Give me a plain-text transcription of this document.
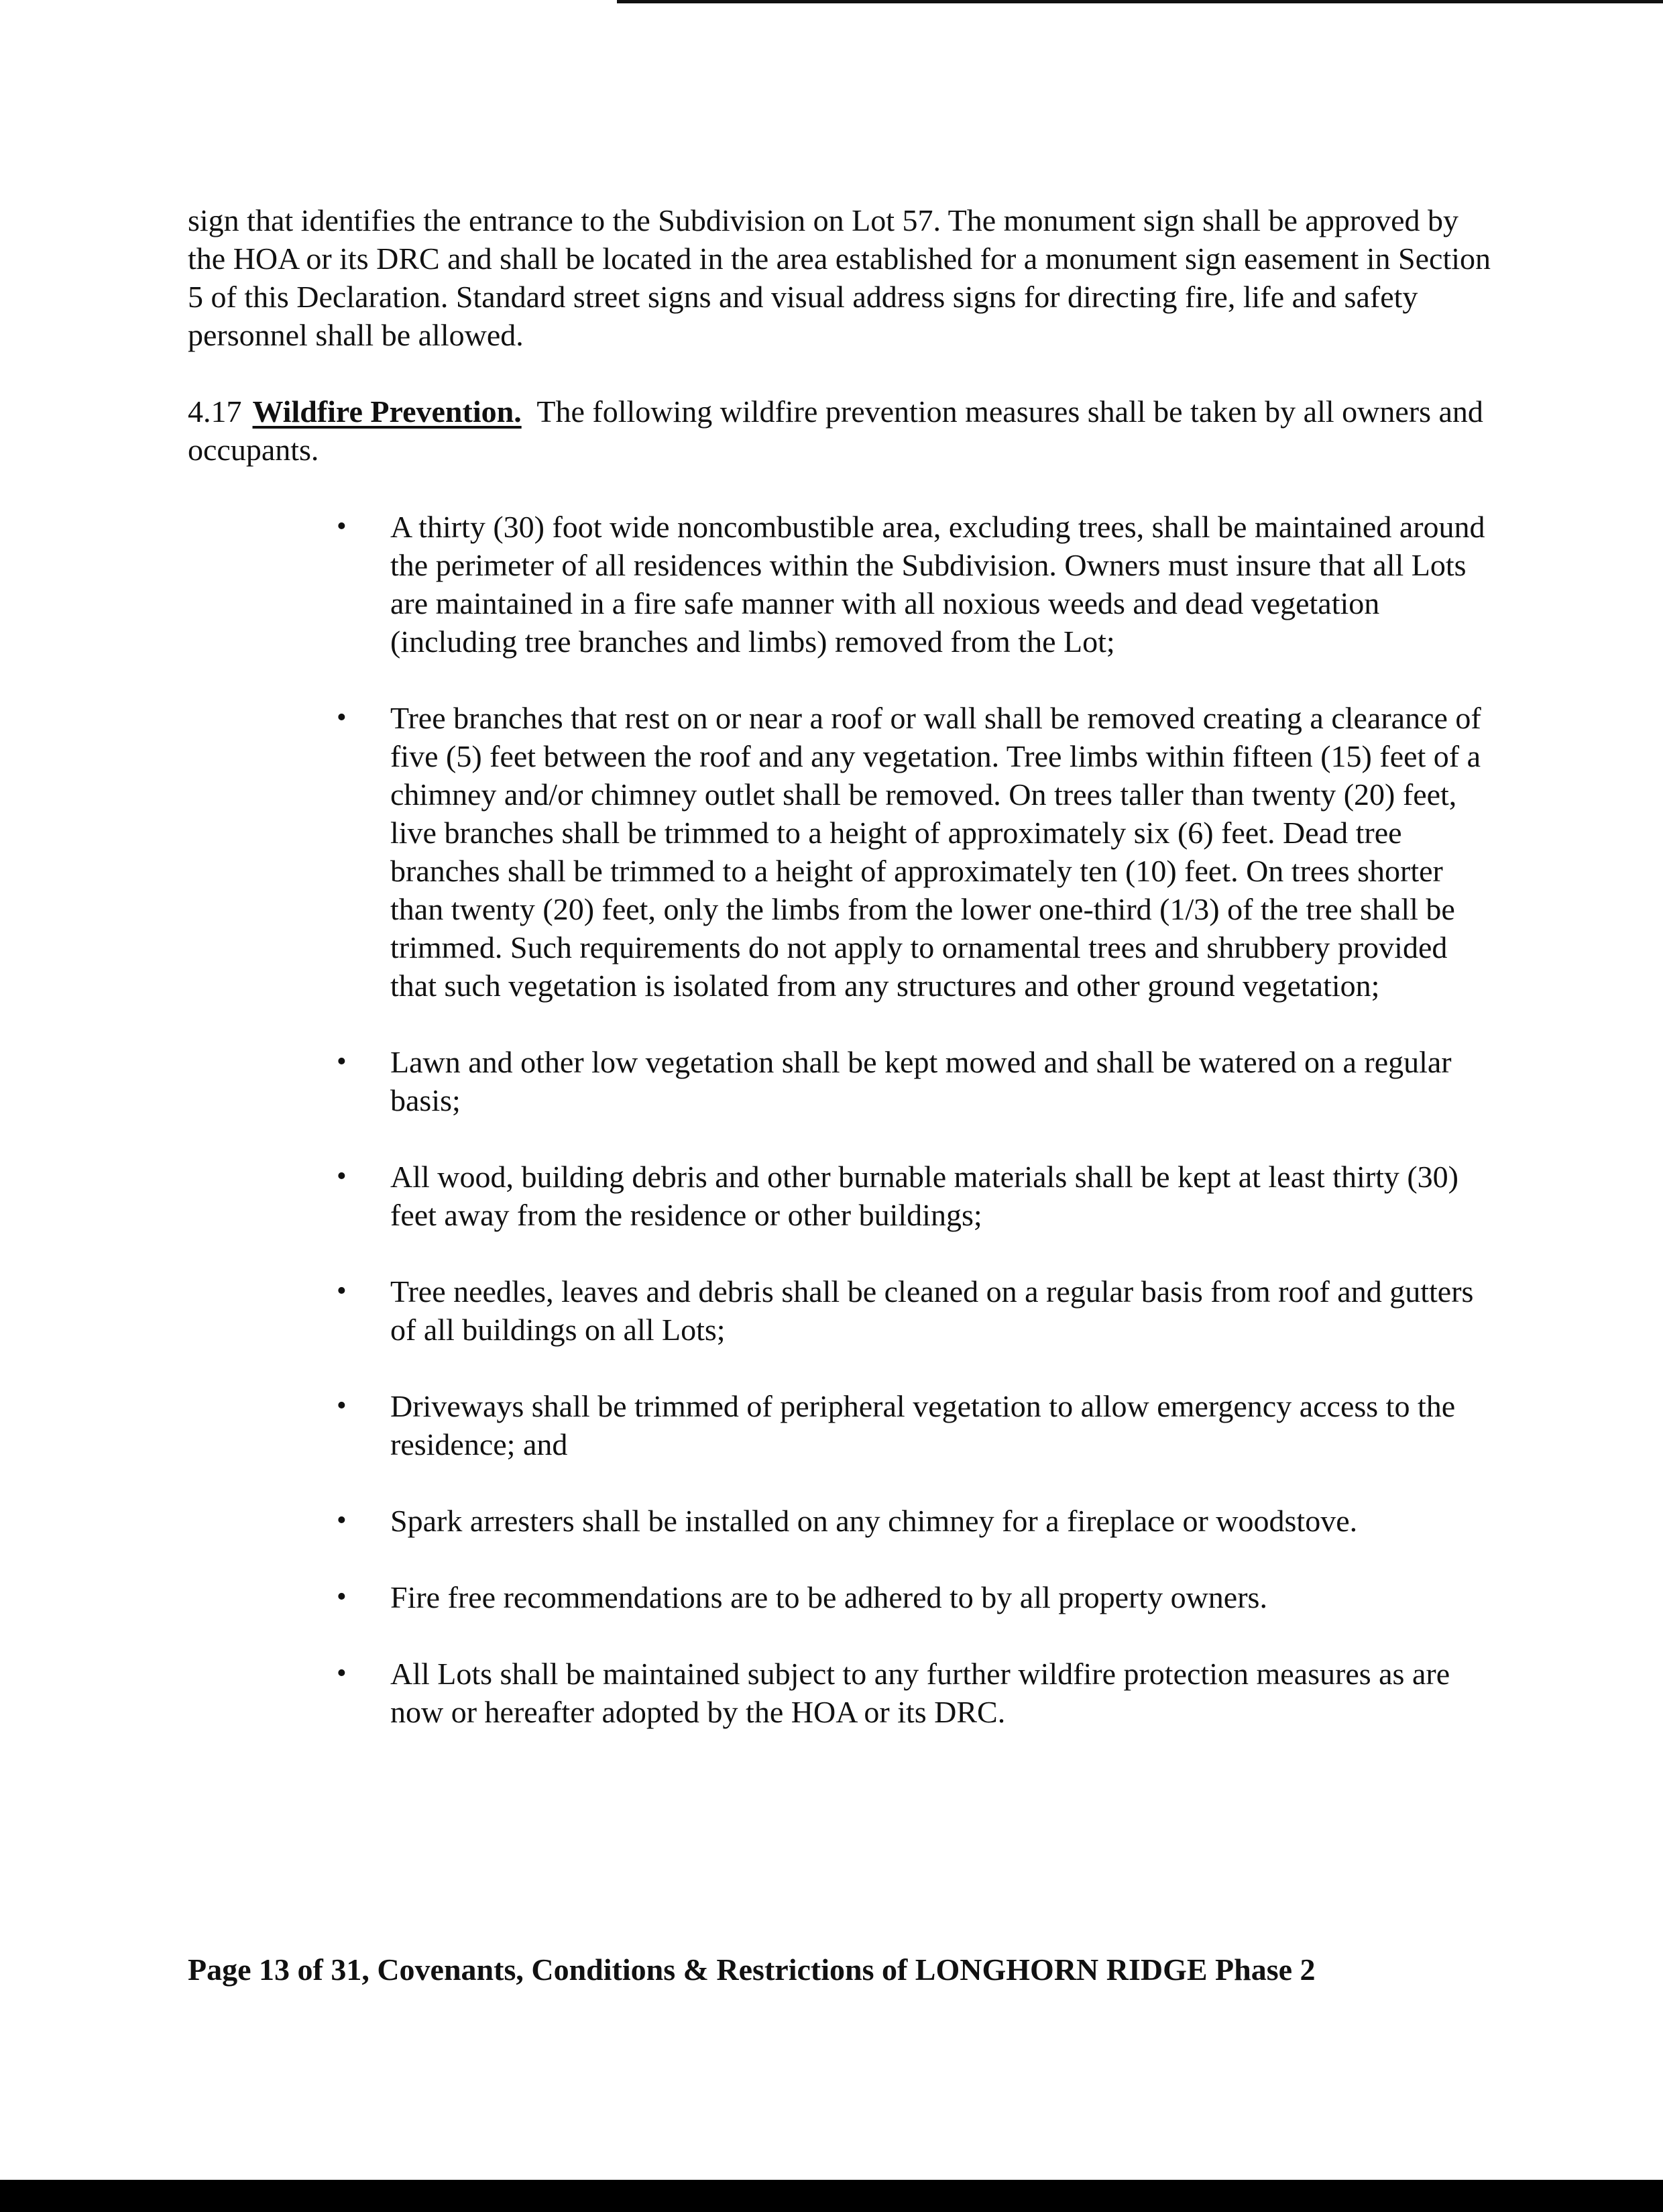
sign that identifies the entrance to the Subdivision on Lot 57. The monument sign shall be approved by the HOA or its DRC and shall be located in the area established for a monument sign easement in Section 5 of this Declaration. Standard street signs and visual address signs for directing fire, life and safety personnel shall be allowed.

4.17 Wildfire Prevention. The following wildfire prevention measures shall be taken by all owners and occupants.

• A thirty (30) foot wide noncombustible area, excluding trees, shall be maintained around the perimeter of all residences within the Subdivision. Owners must insure that all Lots are maintained in a fire safe manner with all noxious weeds and dead vegetation (including tree branches and limbs) removed from the Lot;
• Tree branches that rest on or near a roof or wall shall be removed creating a clearance of five (5) feet between the roof and any vegetation. Tree limbs within fifteen (15) feet of a chimney and/or chimney outlet shall be removed. On trees taller than twenty (20) feet, live branches shall be trimmed to a height of approximately six (6) feet. Dead tree branches shall be trimmed to a height of approximately ten (10) feet. On trees shorter than twenty (20) feet, only the limbs from the lower one-third (1/3) of the tree shall be trimmed. Such requirements do not apply to ornamental trees and shrubbery provided that such vegetation is isolated from any structures and other ground vegetation;
• Lawn and other low vegetation shall be kept mowed and shall be watered on a regular basis;
• All wood, building debris and other burnable materials shall be kept at least thirty (30) feet away from the residence or other buildings;
• Tree needles, leaves and debris shall be cleaned on a regular basis from roof and gutters of all buildings on all Lots;
• Driveways shall be trimmed of peripheral vegetation to allow emergency access to the residence; and
• Spark arresters shall be installed on any chimney for a fireplace or woodstove.
• Fire free recommendations are to be adhered to by all property owners.
• All Lots shall be maintained subject to any further wildfire protection measures as are now or hereafter adopted by the HOA or its DRC.
Page 13 of 31, Covenants, Conditions & Restrictions of LONGHORN RIDGE Phase 2
